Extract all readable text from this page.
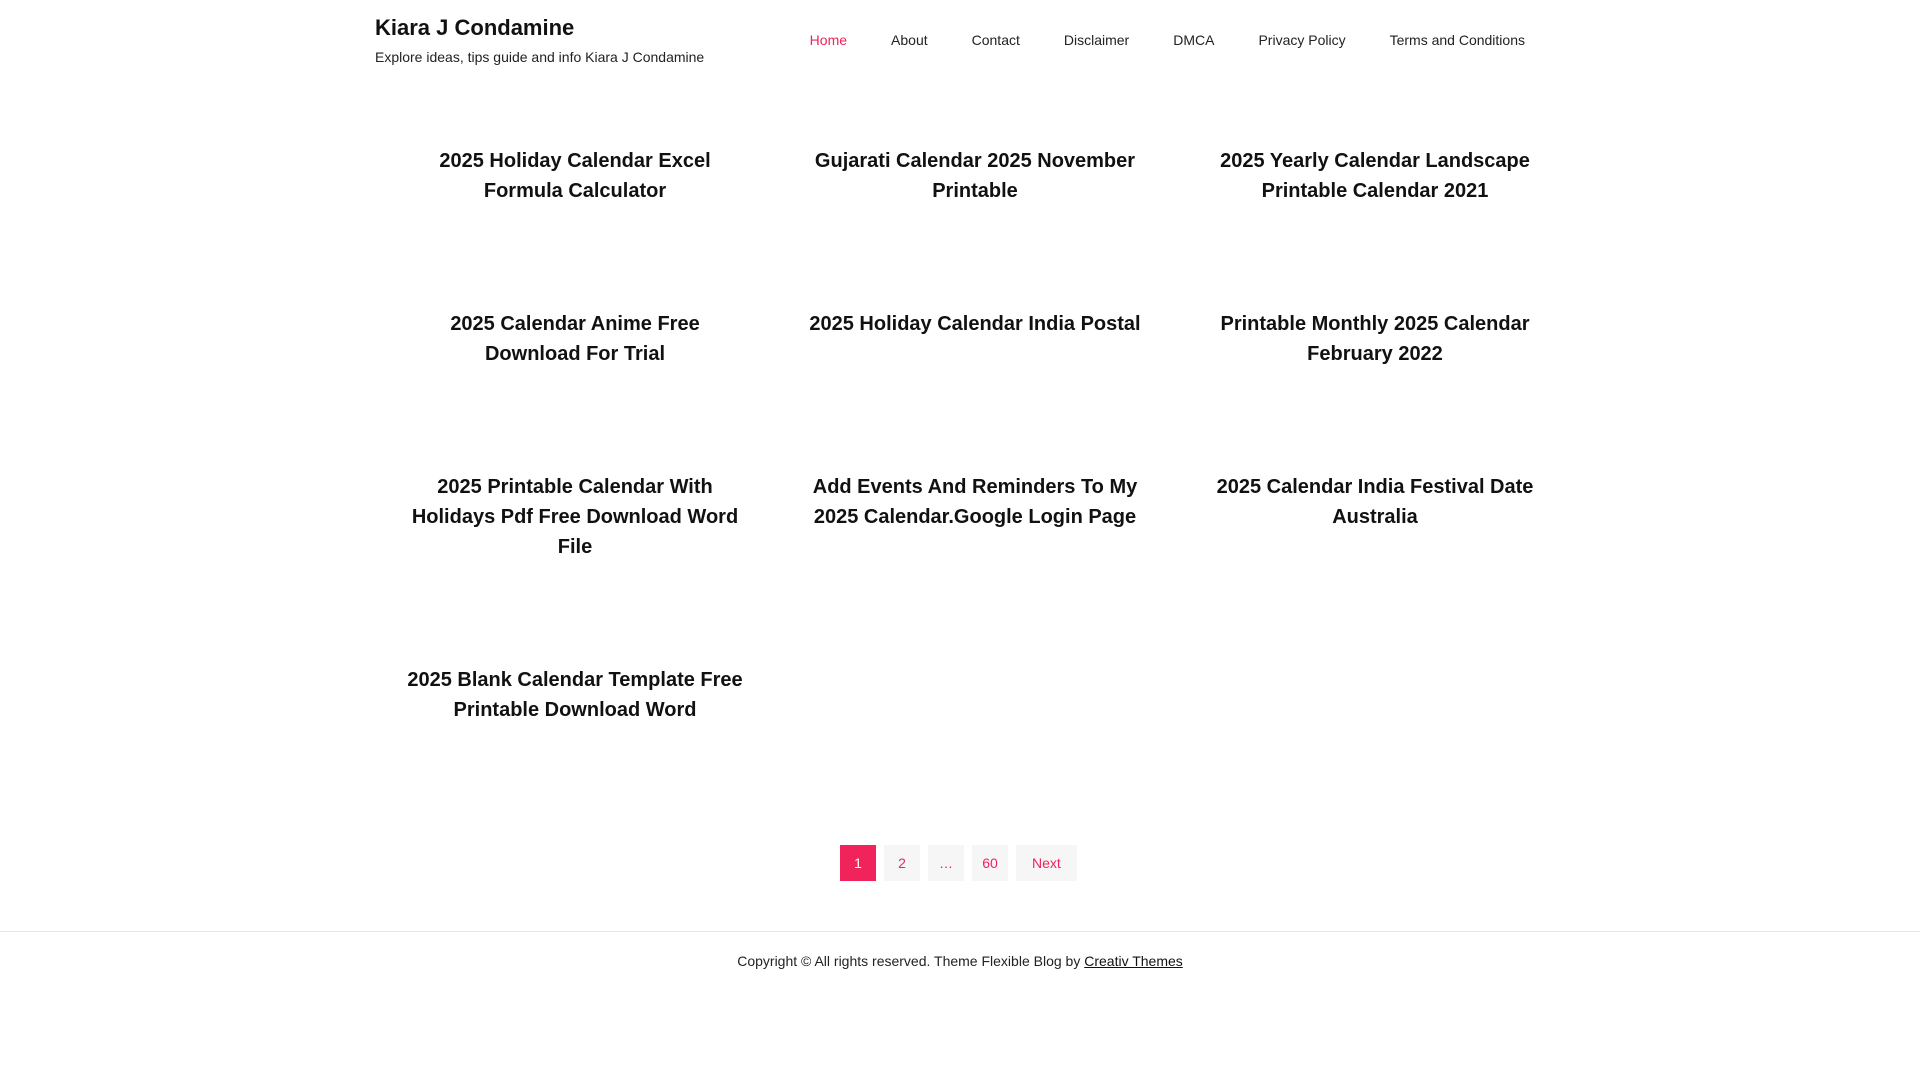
Kiara J Condamine
Explore ideas, tips guide and info Kiara J Condamine
Home	About	Contact	Disclaimer	DMCA	Privacy Policy	Terms and Conditions
2025 Holiday Calendar Excel Formula Calculator
Gujarati Calendar 2025 November Printable
2025 Yearly Calendar Landscape Printable Calendar 2021
2025 Calendar Anime Free Download For Trial
2025 Holiday Calendar India Postal	Printable Monthly 2025 Calendar February 2022
2025 Printable Calendar With Holidays Pdf Free Download Word File
Add Events And Reminders To My 2025 Calendar.Google Login Page
2025 Calendar India Festival Date Australia
2025 Blank Calendar Template Free Printable Download Word
1	2	…	60	Next
Copyright © All rights reserved. Theme Flexible Blog by Creativ Themes
